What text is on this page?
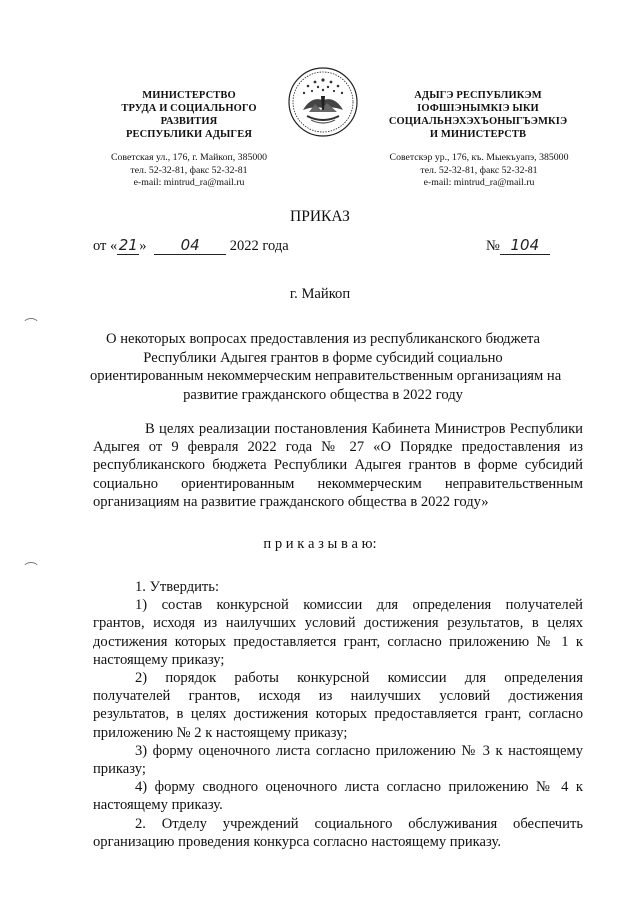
МИНИСТЕРСТВО
ТРУДА И СОЦИАЛЬНОГО
РАЗВИТИЯ
РЕСПУБЛИКИ АДЫГЕЯ
Советская ул., 176, г. Майкоп, 385000
тел. 52-32-81, факс 52-32-81
e-mail: mintrud_ra@mail.ru
АДЫГЭ РЕСПУБЛИКЭМ
ІОФШІЭНЫМКІЭ ЫКИ
СОЦИАЛЬНЭХЭХЪОНЫГЪЭМКІЭ
И МИНИСТЕРСТВ
Советскэр ур., 176, къ. Мыекъуапэ, 385000
тел. 52-32-81, факс 52-32-81
e-mail: mintrud_ra@mail.ru
ПРИКАЗ
от «21» 04 2022 года	№ 104
г. Майкоп
О некоторых вопросах предоставления из республиканского бюджета
Республики Адыгея грантов в форме субсидий социально
ориентированным некоммерческим неправительственным организациям на
развитие гражданского общества в 2022 году
В целях реализации постановления Кабинета Министров Республики
Адыгея от 9 февраля 2022 года № 27 «О Порядке предоставления из
республиканского бюджета Республики Адыгея грантов в форме субсидий
социально ориентированным некоммерческим неправительственным
организациям на развитие гражданского общества в 2022 году»
п р и к а з ы в а ю:
1. Утвердить:
1) состав конкурсной комиссии для определения получателей
грантов, исходя из наилучших условий достижения результатов, в целях
достижения которых предоставляется грант, согласно приложению № 1 к
настоящему приказу;
2) порядок работы конкурсной комиссии для определения
получателей грантов, исходя из наилучших условий достижения
результатов, в целях достижения которых предоставляется грант, согласно
приложению № 2 к настоящему приказу;
3) форму оценочного листа согласно приложению № 3 к настоящему
приказу;
4) форму сводного оценочного листа согласно приложению № 4 к
настоящему приказу.
2. Отделу учреждений социального обслуживания обеспечить
организацию проведения конкурса согласно настоящему приказу.
